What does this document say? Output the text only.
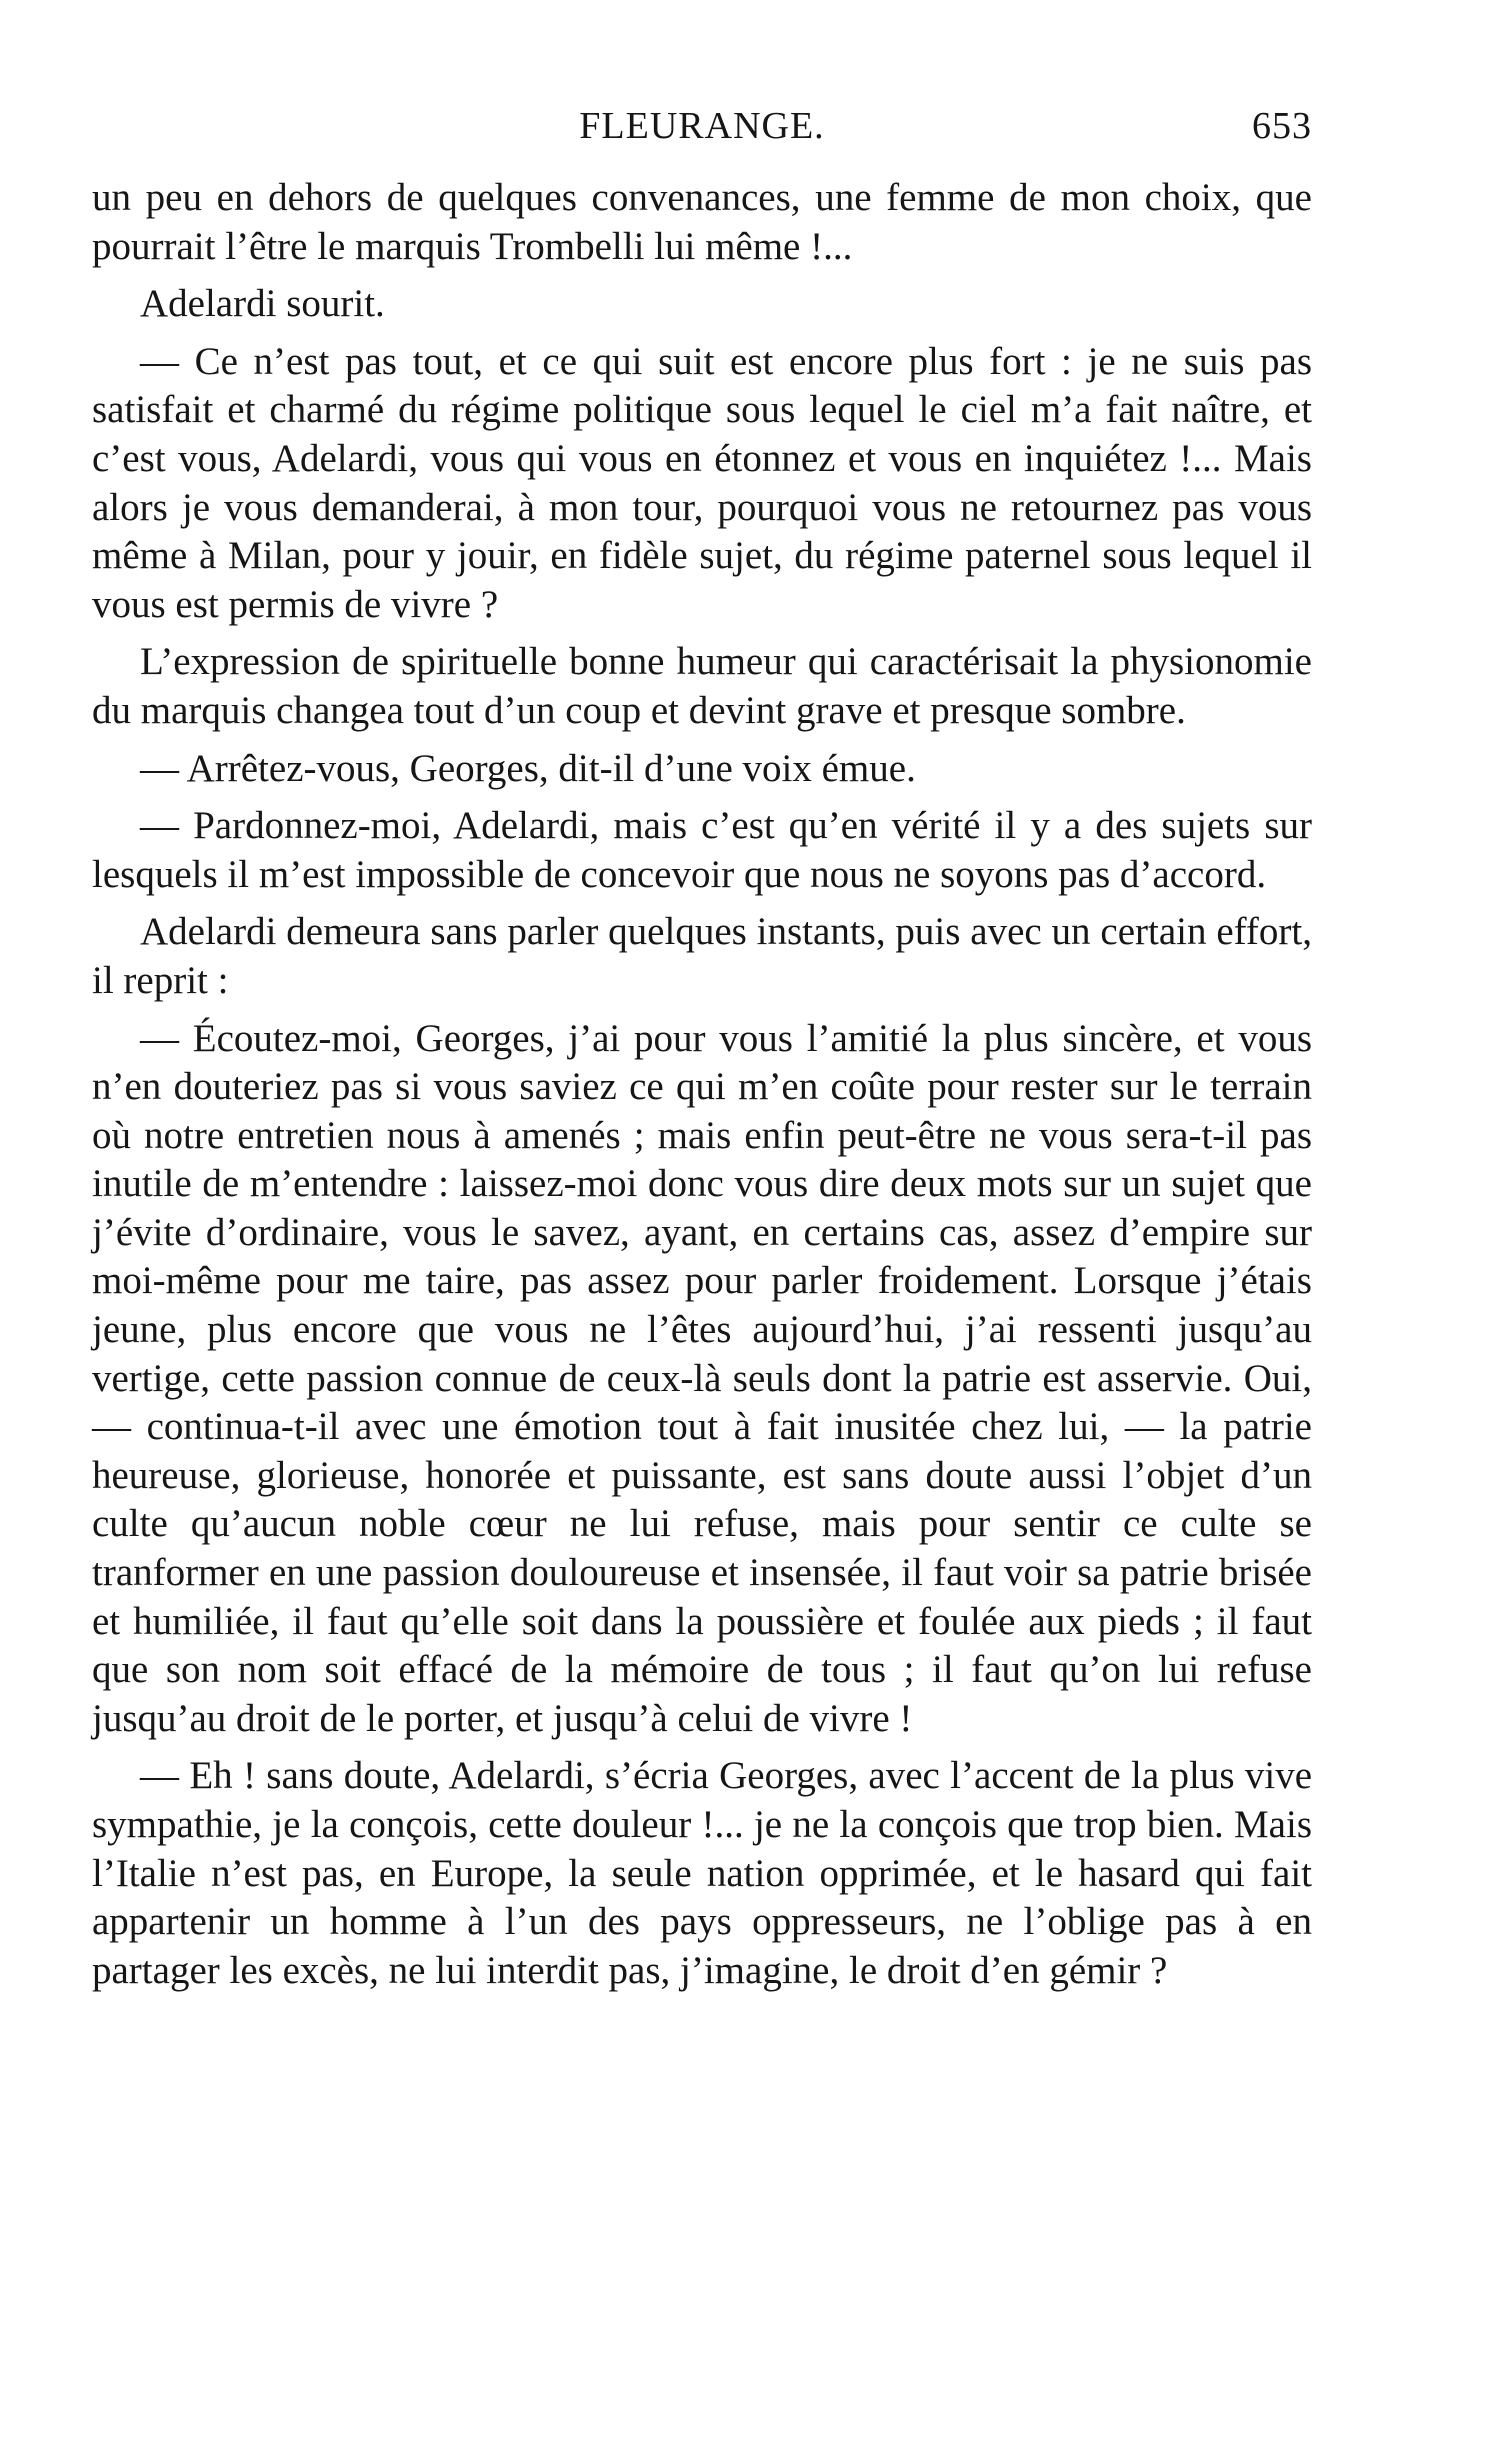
FLEURANGE.	653

un peu en dehors de quelques convenances, une femme de mon choix, que pourrait l’être le marquis Trombelli lui même !...

Adelardi sourit.

— Ce n’est pas tout, et ce qui suit est encore plus fort : je ne suis pas satisfait et charmé du régime politique sous lequel le ciel m’a fait naître, et c’est vous, Adelardi, vous qui vous en étonnez et vous en inquiétez !... Mais alors je vous demanderai, à mon tour, pourquoi vous ne retournez pas vous même à Milan, pour y jouir, en fidèle sujet, du régime paternel sous lequel il vous est permis de vivre ?

L’expression de spirituelle bonne humeur qui caractérisait la physionomie du marquis changea tout d’un coup et devint grave et presque sombre.

— Arrêtez-vous, Georges, dit-il d’une voix émue.

— Pardonnez-moi, Adelardi, mais c’est qu’en vérité il y a des sujets sur lesquels il m’est impossible de concevoir que nous ne soyons pas d’accord.

Adelardi demeura sans parler quelques instants, puis avec un certain effort, il reprit :

— Écoutez-moi, Georges, j’ai pour vous l’amitié la plus sincère, et vous n’en douteriez pas si vous saviez ce qui m’en coûte pour rester sur le terrain où notre entretien nous à amenés ; mais enfin peut-être ne vous sera-t-il pas inutile de m’entendre : laissez-moi donc vous dire deux mots sur un sujet que j’évite d’ordinaire, vous le savez, ayant, en certains cas, assez d’empire sur moi-même pour me taire, pas assez pour parler froidement. Lorsque j’étais jeune, plus encore que vous ne l’êtes aujourd’hui, j’ai ressenti jusqu’au vertige, cette passion connue de ceux-là seuls dont la patrie est asservie. Oui, — continua-t-il avec une émotion tout à fait inusitée chez lui, — la patrie heureuse, glorieuse, honorée et puissante, est sans doute aussi l’objet d’un culte qu’aucun noble cœur ne lui refuse, mais pour sentir ce culte se tranformer en une passion douloureuse et insensée, il faut voir sa patrie brisée et humiliée, il faut qu’elle soit dans la poussière et foulée aux pieds ; il faut que son nom soit effacé de la mémoire de tous ; il faut qu’on lui refuse jusqu’au droit de le porter, et jusqu’à celui de vivre !

— Eh ! sans doute, Adelardi, s’écria Georges, avec l’accent de la plus vive sympathie, je la conçois, cette douleur !... je ne la conçois que trop bien. Mais l’Italie n’est pas, en Europe, la seule nation opprimée, et le hasard qui fait appartenir un homme à l’un des pays oppresseurs, ne l’oblige pas à en partager les excès, ne lui interdit pas, j’imagine, le droit d’en gémir ?
